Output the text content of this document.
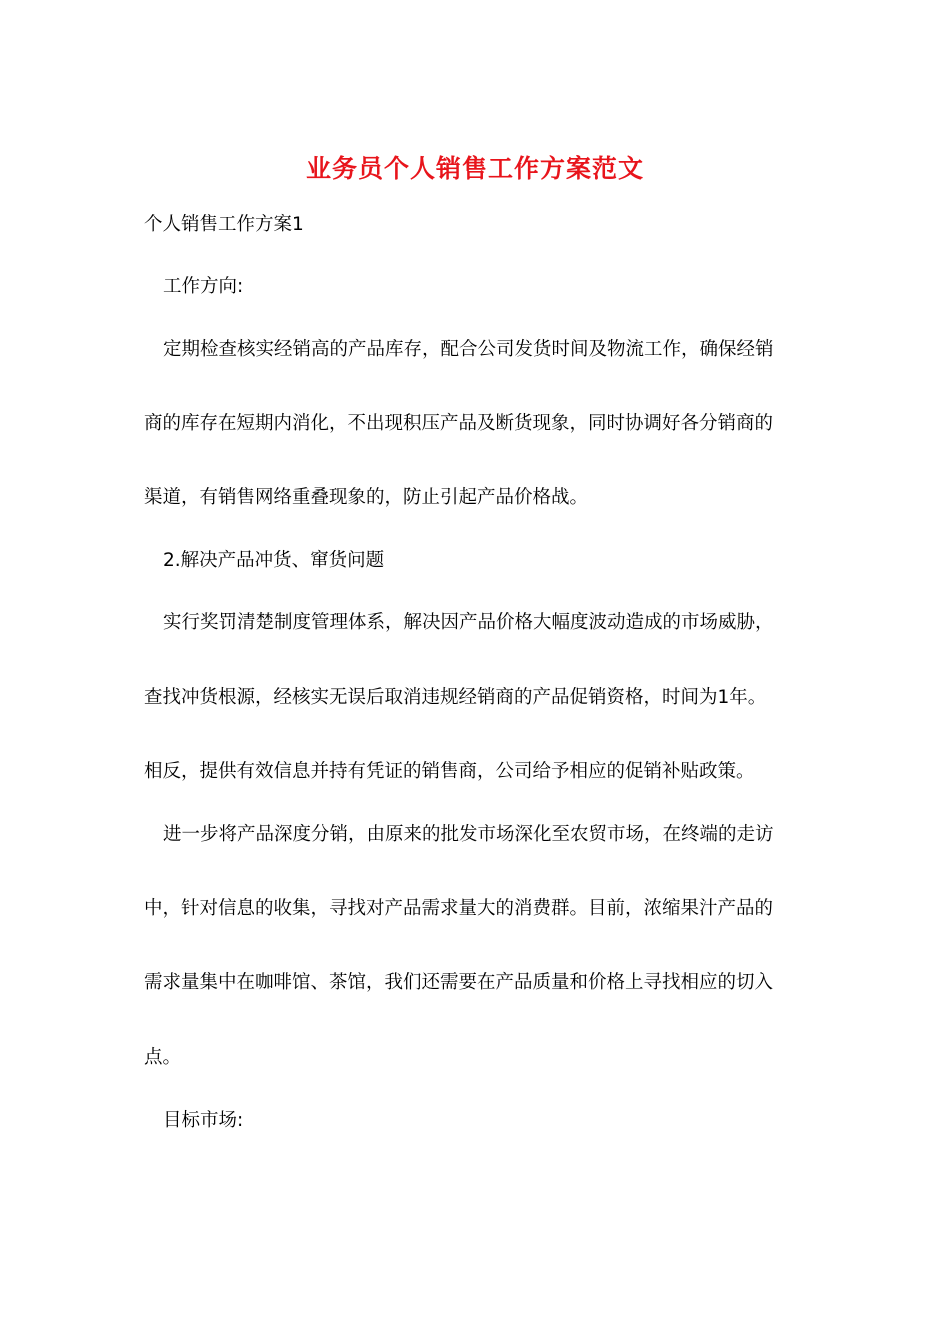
业务员个人销售工作方案范文
个人销售工作方案1
工作方向:
定期检查核实经销高的产品库存，配合公司发货时间及物流工作，确保经销
商的库存在短期内消化，不出现积压产品及断货现象，同时协调好各分销商的
渠道，有销售网络重叠现象的，防止引起产品价格战。
2.解决产品冲货、窜货问题
实行奖罚清楚制度管理体系，解决因产品价格大幅度波动造成的市场威胁，
查找冲货根源，经核实无误后取消违规经销商的产品促销资格，时间为1年。
相反，提供有效信息并持有凭证的销售商，公司给予相应的促销补贴政策。
进一步将产品深度分销，由原来的批发市场深化至农贸市场，在终端的走访
中，针对信息的收集，寻找对产品需求量大的消费群。目前，浓缩果汁产品的
需求量集中在咖啡馆、茶馆，我们还需要在产品质量和价格上寻找相应的切入
点。
目标市场:
